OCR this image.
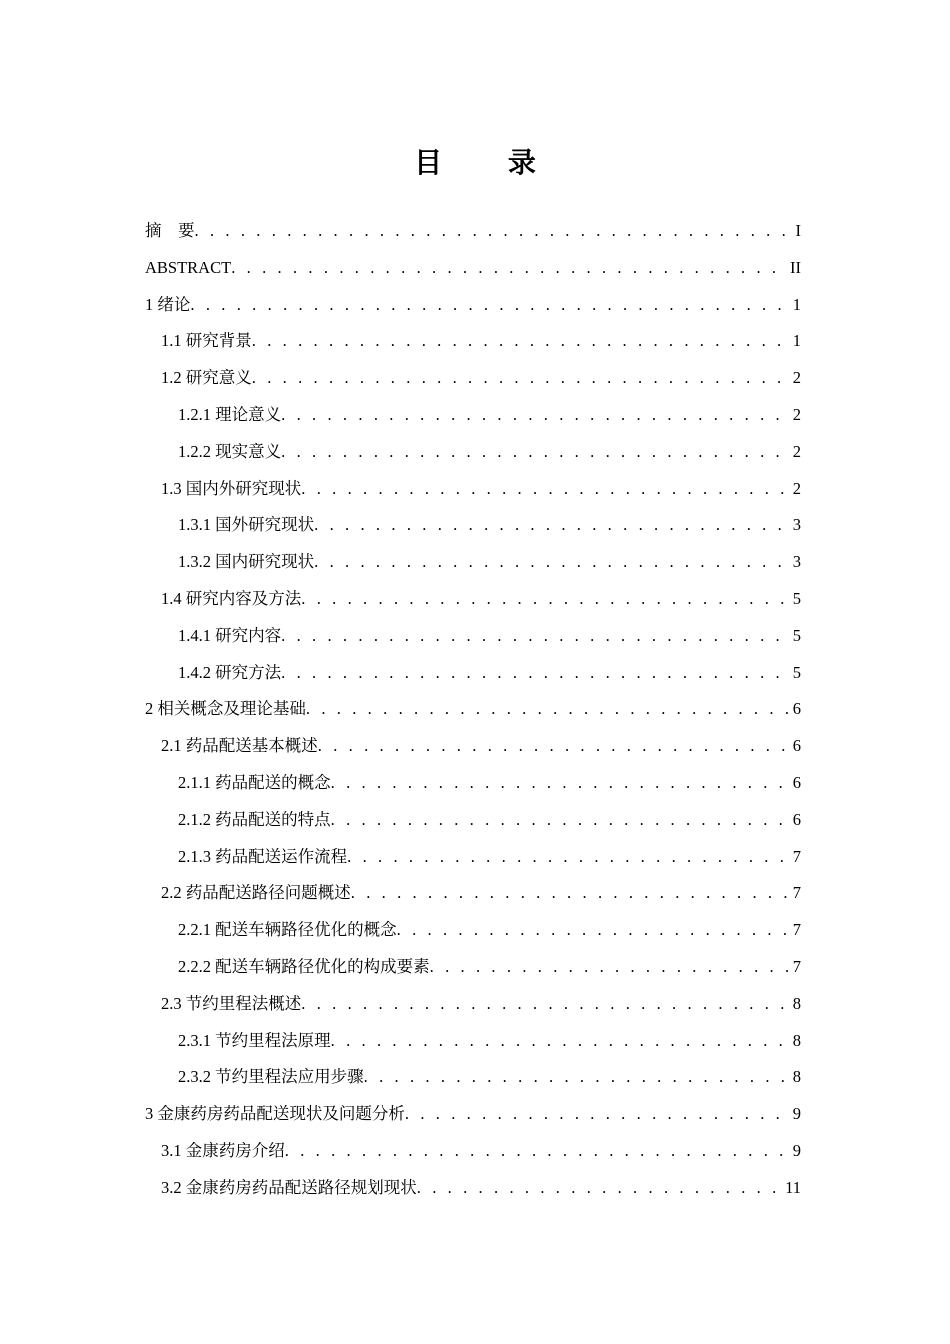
目 录
摘　要 . . .	I
ABSTRACT . . .	II
1 绪论 . . .	1
1.1 研究背景 . . .	1
1.2 研究意义 . . .	2
1.2.1 理论意义 . . .	2
1.2.2 现实意义 . . .	2
1.3 国内外研究现状 . . .	2
1.3.1 国外研究现状 . . .	3
1.3.2 国内研究现状 . . .	3
1.4 研究内容及方法 . . .	5
1.4.1 研究内容 . . .	5
1.4.2 研究方法 . . .	5
2 相关概念及理论基础 . . .	6
2.1 药品配送基本概述 . . .	6
2.1.1 药品配送的概念 . . .	6
2.1.2 药品配送的特点 . . .	6
2.1.3 药品配送运作流程 . . .	7
2.2 药品配送路径问题概述 . . .	7
2.2.1 配送车辆路径优化的概念 . . .	7
2.2.2 配送车辆路径优化的构成要素 . . .	7
2.3 节约里程法概述 . . .	8
2.3.1 节约里程法原理 . . .	8
2.3.2 节约里程法应用步骤 . . .	8
3 金康药房药品配送现状及问题分析 . . .	9
3.1 金康药房介绍 . . .	9
3.2 金康药房药品配送路径规划现状 . . .	11
